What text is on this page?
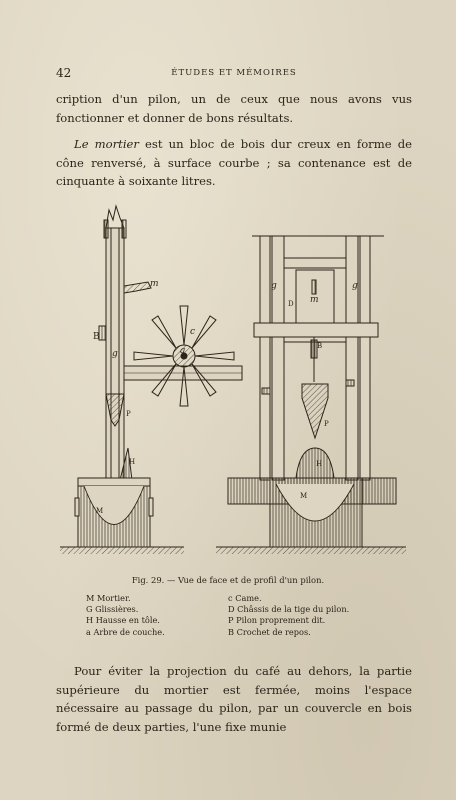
42	ÉTUDES ET MÉMOIRES
cription d'un pilon, un de ceux que nous avons vus fonctionner et donner de bons résultats.
Le mortier est un bloc de bois dur creux en forme de cône renversé, à surface courbe ; sa contenance est de cinquante à soixante litres.
m
B
g
c
a
P
H
M
g
D m
g
B
P
H
M
Fig. 29. — Vue de face et de profil d'un pilon.
M Mortier.
G Glissières.
H Hausse en tôle.
a Arbre de couche.
c Came.
D Châssis de la tige du pilon.
P Pilon proprement dit.
B Crochet de repos.
Pour éviter la projection du café au dehors, la partie supérieure du mortier est fermée, moins l'espace nécessaire au passage du pilon, par un couvercle en bois formé de deux parties, l'une fixe munie
